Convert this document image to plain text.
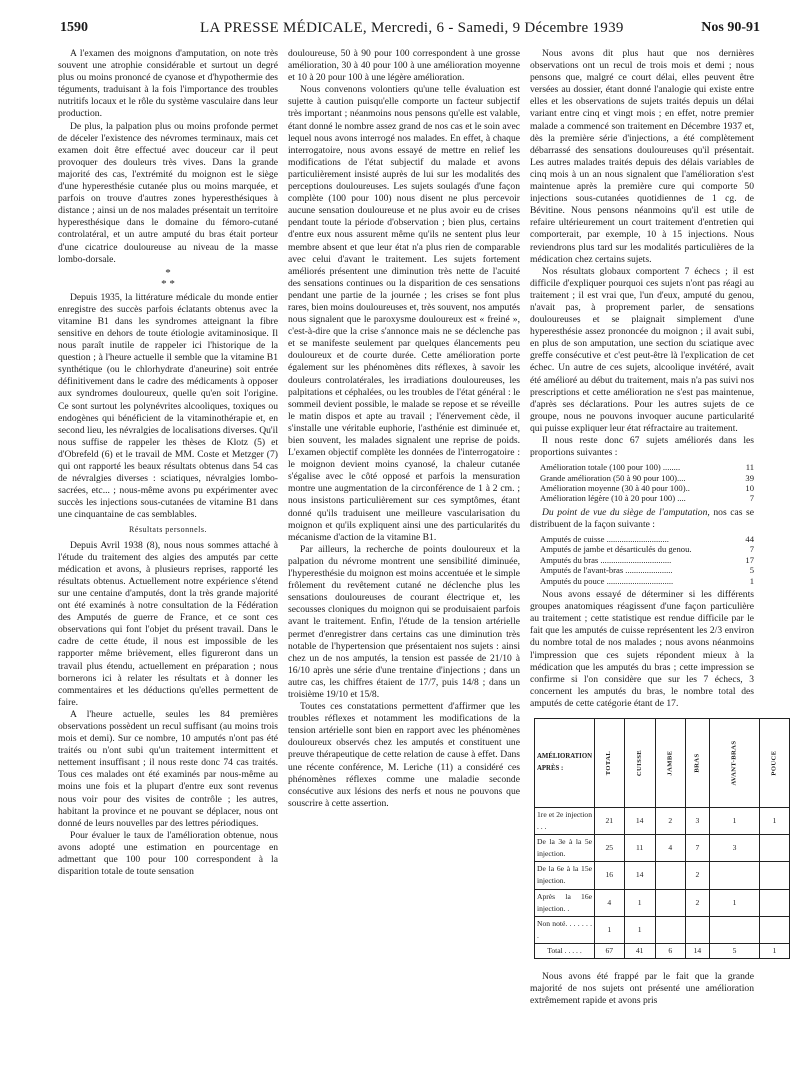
1590	LA PRESSE MÉDICALE, Mercredi, 6 - Samedi, 9 Décembre 1939	Nos 90-91

A l'examen des moignons d'amputation, on note très souvent une atrophie considérable et surtout un degré plus ou moins prononcé de cyanose et d'hypothermie des téguments, traduisant à la fois l'importance des troubles nutritifs locaux et le rôle du système vasculaire dans leur production.

De plus, la palpation plus ou moins profonde permet de déceler l'existence des névromes terminaux, mais cet examen doit être effectué avec douceur car il peut provoquer des douleurs très vives. Dans la grande majorité des cas, l'extrémité du moignon est le siège d'une hyperesthésie cutanée plus ou moins marquée, et parfois on trouve d'autres zones hyperesthésiques à distance ; ainsi un de nos malades présentait un territoire hyperesthésique dans le domaine du fémoro-cutané controlatéral, et un autre amputé du bras était porteur d'une cicatrice douloureuse au niveau de la masse lombo-dorsale.

*
* *

Depuis 1935, la littérature médicale du monde entier enregistre des succès parfois éclatants obtenus avec la vitamine B1 dans les syndromes atteignant la fibre sensitive en dehors de toute étiologie avitaminosique. Il nous paraît inutile de rappeler ici l'historique de la question ; à l'heure actuelle il semble que la vitamine B1 synthétique (ou le chlorhydrate d'aneurine) soit entrée définitivement dans le cadre des médicaments à opposer aux syndromes douloureux, quelle qu'en soit l'origine. Ce sont surtout les polynévrites alcooliques, toxiques ou endogènes qui bénéficient de la vitaminothérapie et, en second lieu, les névralgies de localisations diverses. Qu'il nous suffise de rappeler les thèses de Klotz (5) et d'Obrefeld (6) et le travail de MM. Coste et Metzger (7) qui ont rapporté les beaux résultats obtenus dans 54 cas de névralgies diverses : sciatiques, névralgies lombo-sacrées, etc... ; nous-même avons pu expérimenter avec succès les injections sous-cutanées de vitamine B1 dans une cinquantaine de cas semblables.

Résultats personnels.

Depuis Avril 1938 (8), nous nous sommes attaché à l'étude du traitement des algies des amputés par cette médication et avons, à plusieurs reprises, rapporté les résultats obtenus. Actuellement notre expérience s'étend sur une centaine d'amputés, dont la très grande majorité ont été examinés à notre consultation de la Fédération des Amputés de guerre de France, et ce sont ces observations qui font l'objet du présent travail. Dans le cadre de cette étude, il nous est impossible de les rapporter même brièvement, elles figureront dans un travail plus étendu, actuellement en préparation ; nous bornerons ici à relater les résultats et à donner les commentaires et les déductions qu'elles permettent de faire.

A l'heure actuelle, seules les 84 premières observations possèdent un recul suffisant (au moins trois mois et demi). Sur ce nombre, 10 amputés n'ont pas été traités ou n'ont subi qu'un traitement intermittent et nettement insuffisant ; il nous reste donc 74 cas traités. Tous ces malades ont été examinés par nous-même au moins une fois et la plupart d'entre eux sont revenus nous voir pour des visites de contrôle ; les autres, habitant la province et ne pouvant se déplacer, nous ont donné de leurs nouvelles par des lettres périodiques.

Pour évaluer le taux de l'amélioration obtenue, nous avons adopté une estimation en pourcentage en admettant que 100 pour 100 correspondent à la disparition totale de toute sensation

douloureuse, 50 à 90 pour 100 correspondent à une grosse amélioration, 30 à 40 pour 100 à une amélioration moyenne et 10 à 20 pour 100 à une légère amélioration.

Nous convenons volontiers qu'une telle évaluation est sujette à caution puisqu'elle comporte un facteur subjectif très important ; néanmoins nous pensons qu'elle est valable, étant donné le nombre assez grand de nos cas et le soin avec lequel nous avons interrogé nos malades. En effet, à chaque interrogatoire, nous avons essayé de mettre en relief les modifications de l'état subjectif du malade et avons particulièrement insisté auprès de lui sur les modalités des perceptions douloureuses. Les sujets soulagés d'une façon complète (100 pour 100) nous disent ne plus percevoir aucune sensation douloureuse et ne plus avoir eu de crises pendant toute la période d'observation ; bien plus, certains d'entre eux nous assurent même qu'ils ne sentent plus leur membre absent et que leur état n'a plus rien de comparable avec celui d'avant le traitement. Les sujets fortement améliorés présentent une diminution très nette de l'acuité des sensations continues ou la disparition de ces sensations pendant une partie de la journée ; les crises se font plus rares, bien moins douloureuses et, très souvent, nos amputés nous signalent que le paroxysme douloureux est « freiné », c'est-à-dire que la crise s'annonce mais ne se déclenche pas et se manifeste seulement par quelques élancements peu douloureux et de courte durée. Cette amélioration porte également sur les phénomènes dits réflexes, à savoir les douleurs controlatérales, les irradiations douloureuses, les palpitations et céphalées, ou les troubles de l'état général : le sommeil devient possible, le malade se repose et se réveille le matin dispos et apte au travail ; l'énervement cède, il s'installe une véritable euphorie, l'asthénie est diminuée et, bien souvent, les malades signalent une reprise de poids. L'examen objectif complète les données de l'interrogatoire : le moignon devient moins cyanosé, la chaleur cutanée s'égalise avec le côté opposé et parfois la mensuration montre une augmentation de la circonférence de 1 à 2 cm. ; nous insistons particulièrement sur ces symptômes, étant donné qu'ils traduisent une meilleure vascularisation du moignon et qu'ils expliquent ainsi une des particularités du mécanisme d'action de la vitamine B1.

Par ailleurs, la recherche de points douloureux et la palpation du névrome montrent une sensibilité diminuée, l'hyperesthésie du moignon est moins accentuée et le simple frôlement du revêtement cutané ne déclenche plus les sensations douloureuses de courant électrique et, les secousses cloniques du moignon qui se produisaient parfois avant le traitement. Enfin, l'étude de la tension artérielle permet d'enregistrer dans certains cas une diminution très notable de l'hypertension que présentaient nos sujets : ainsi chez un de nos amputés, la tension est passée de 21/10 à 16/10 après une série d'une trentaine d'injections ; dans un autre cas, les chiffres étaient de 17/7, puis 14/8 ; dans un troisième 19/10 et 15/8.

Toutes ces constatations permettent d'affirmer que les troubles réflexes et notamment les modifications de la tension artérielle sont bien en rapport avec les phénomènes douloureux observés chez les amputés et constituent une preuve thérapeutique de cette relation de cause à effet. Dans une récente conférence, M. Leriche (11) a considéré ces phénomènes réflexes comme une maladie seconde consécutive aux lésions des nerfs et nous ne pouvons que souscrire à cette assertion.

Nous avons dit plus haut que nos dernières observations ont un recul de trois mois et demi ; nous pensons que, malgré ce court délai, elles peuvent être versées au dossier, étant donné l'analogie qui existe entre elles et les observations de sujets traités depuis un délai variant entre cinq et vingt mois ; en effet, notre premier malade a commencé son traitement en Décembre 1937 et, dès la première série d'injections, a été complètement débarrassé des sensations douloureuses qu'il présentait. Les autres malades traités depuis des délais variables de cinq mois à un an nous signalent que l'amélioration s'est maintenue après la première cure qui comporte 50 injections sous-cutanées quotidiennes de 1 cg. de Bévitine. Nous pensons néanmoins qu'il est utile de refaire ultérieurement un court traitement d'entretien qui comporterait, par exemple, 10 à 15 injections. Nous reviendrons plus tard sur les modalités particulières de la médication chez certains sujets.

Nos résultats globaux comportent 7 échecs ; il est difficile d'expliquer pourquoi ces sujets n'ont pas réagi au traitement ; il est vrai que, l'un d'eux, amputé du genou, n'avait pas, à proprement parler, de sensations douloureuses et se plaignait simplement d'une hyperesthésie assez prononcée du moignon ; il avait subi, en plus de son amputation, une section du sciatique avec greffe consécutive et c'est peut-être là l'explication de cet échec. Un autre de ces sujets, alcoolique invétéré, avait été amélioré au début du traitement, mais n'a pas suivi nos prescriptions et cette amélioration ne s'est pas maintenue, d'après ses déclarations. Pour les autres sujets de ce groupe, nous ne pouvons invoquer aucune particularité qui puisse expliquer leur état réfractaire au traitement.

Il nous reste donc 67 sujets améliorés dans les proportions suivantes :

Amélioration totale (100 pour 100) ........	11
Grande amélioration (50 à 90 pour 100)....	39
Amélioration moyenne (30 à 40 pour 100)..	10
Amélioration légère (10 à 20 pour 100) ....	7

Du point de vue du siège de l'amputation, nos cas se distribuent de la façon suivante :

Amputés de cuisse .............................	44
Amputés de jambe et désarticulés du genou.	7
Amputés du bras .................................	17
Amputés de l'avant-bras ......................	5
Amputés du pouce ...............................	1

Nous avons essayé de déterminer si les différents groupes anatomiques réagissent d'une façon particulière au traitement ; cette statistique est rendue difficile par le fait que les amputés de cuisse représentent les 2/3 environ du nombre total de nos malades ; nous avons néanmoins l'impression que ces sujets répondent mieux à la médication que les amputés du bras ; cette impression se confirme si l'on considère que sur les 7 échecs, 3 concernent les amputés du bras, le nombre total des amputés de cette catégorie étant de 17.

AMÉLIORATION APRÈS :	TOTAL	CUISSE	JAMBE	BRAS	AVANT-BRAS	POUCE
1re et 2e injection . . .	21	14	2	3	1	1
De la 3e à la 5e injection.	25	11	4	7	3	
De la 6e à la 15e injection.	16	14		2		
Après la 16e injection. .	4	1		2	1	
Non noté. . . . . . . .	1	1				
Total . . . . .	67	41	6	14	5	1

Nous avons été frappé par le fait que la grande majorité de nos sujets ont présenté une amélioration extrêmement rapide et avons pris
